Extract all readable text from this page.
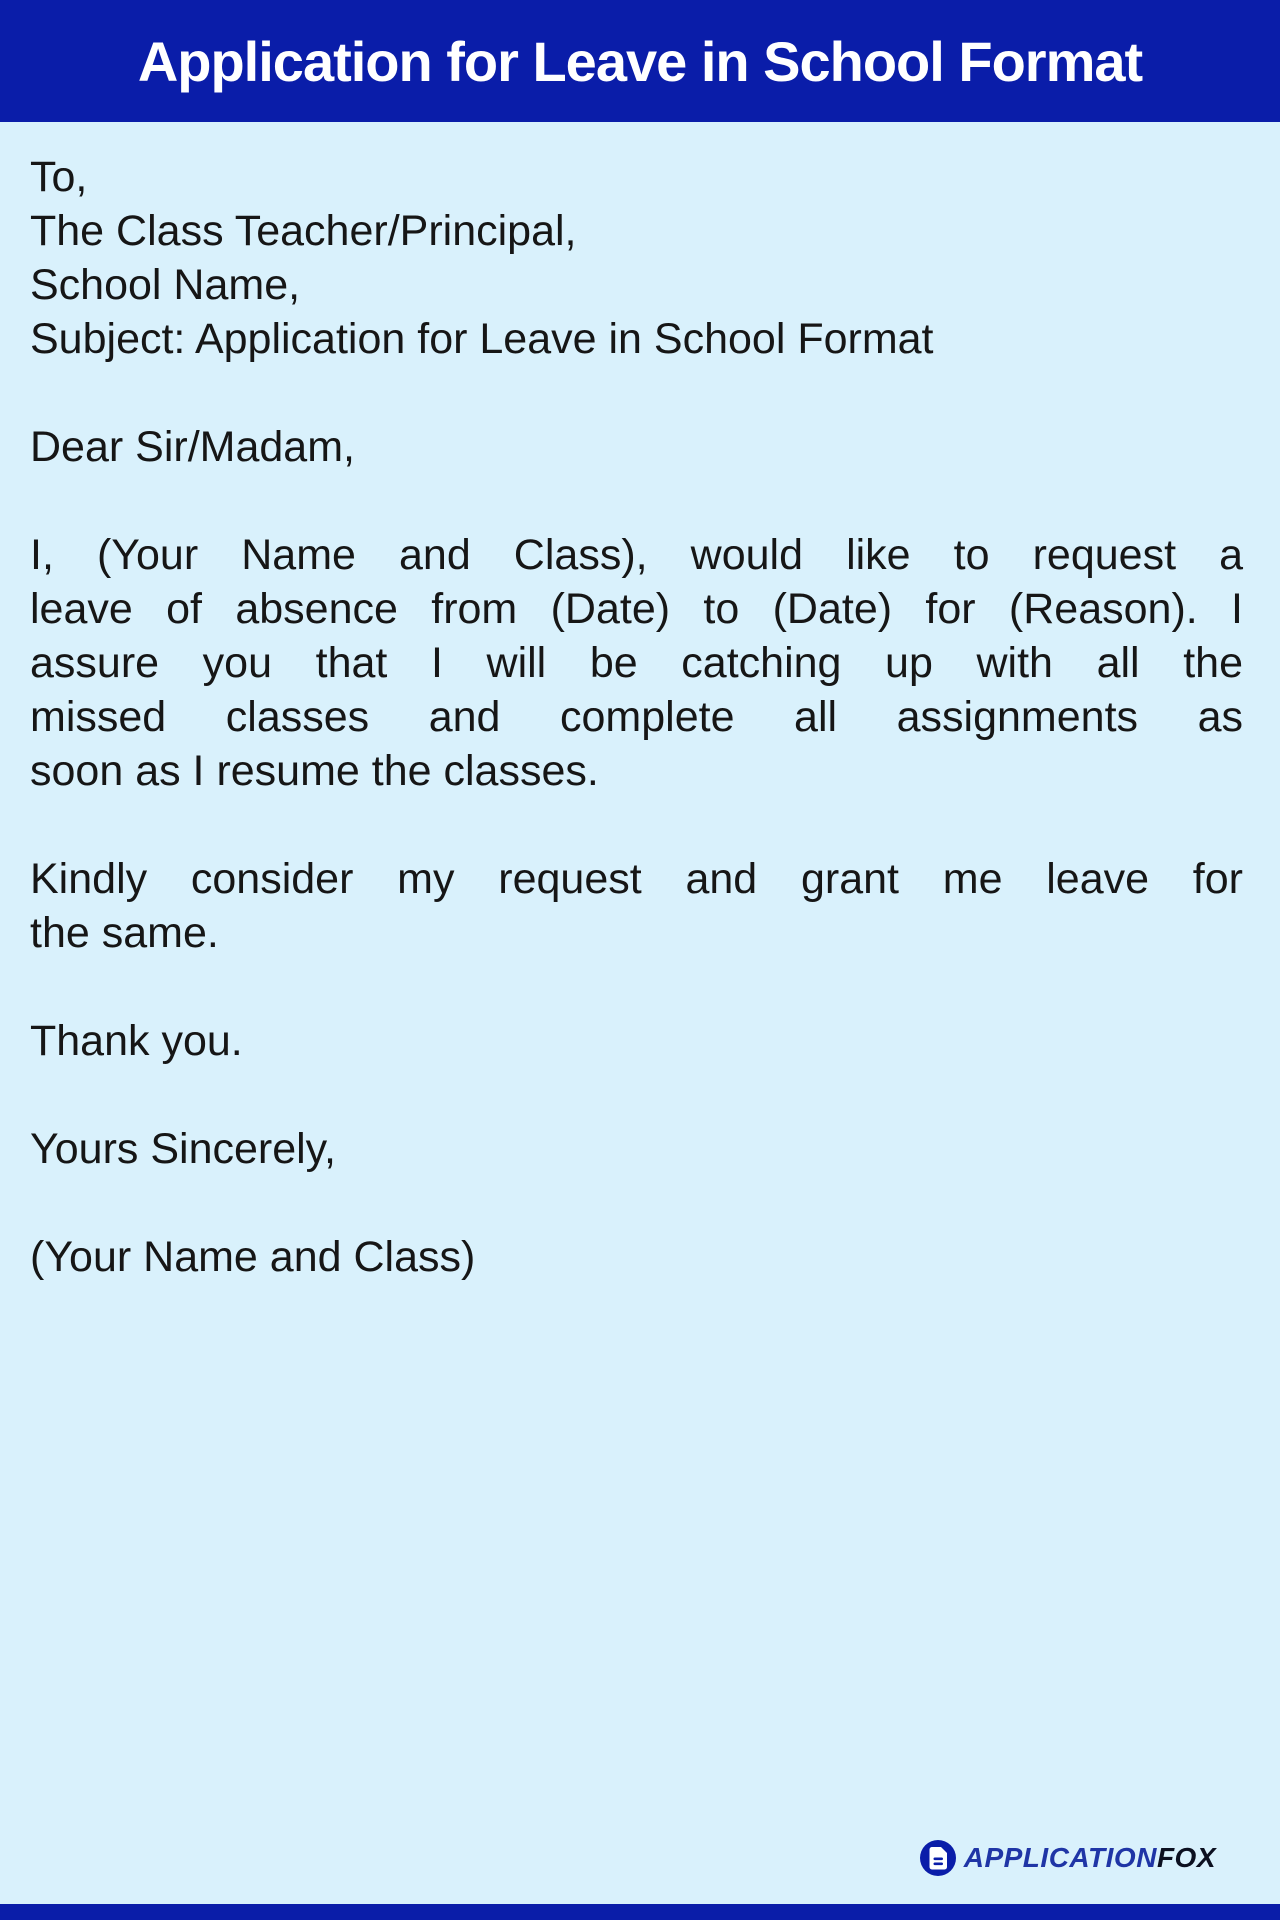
Application for Leave in School Format
To,
The Class Teacher/Principal,
School Name,
Subject: Application for Leave in School Format
Dear Sir/Madam,
I, (Your Name and Class), would like to request a
leave of absence from (Date) to (Date) for (Reason). I
assure you that I will be catching up with all the
missed classes and complete all assignments as
soon as I resume the classes.
Kindly consider my request and grant me leave for
the same.
Thank you.
Yours Sincerely,
(Your Name and Class)
APPLICATIONFOX
